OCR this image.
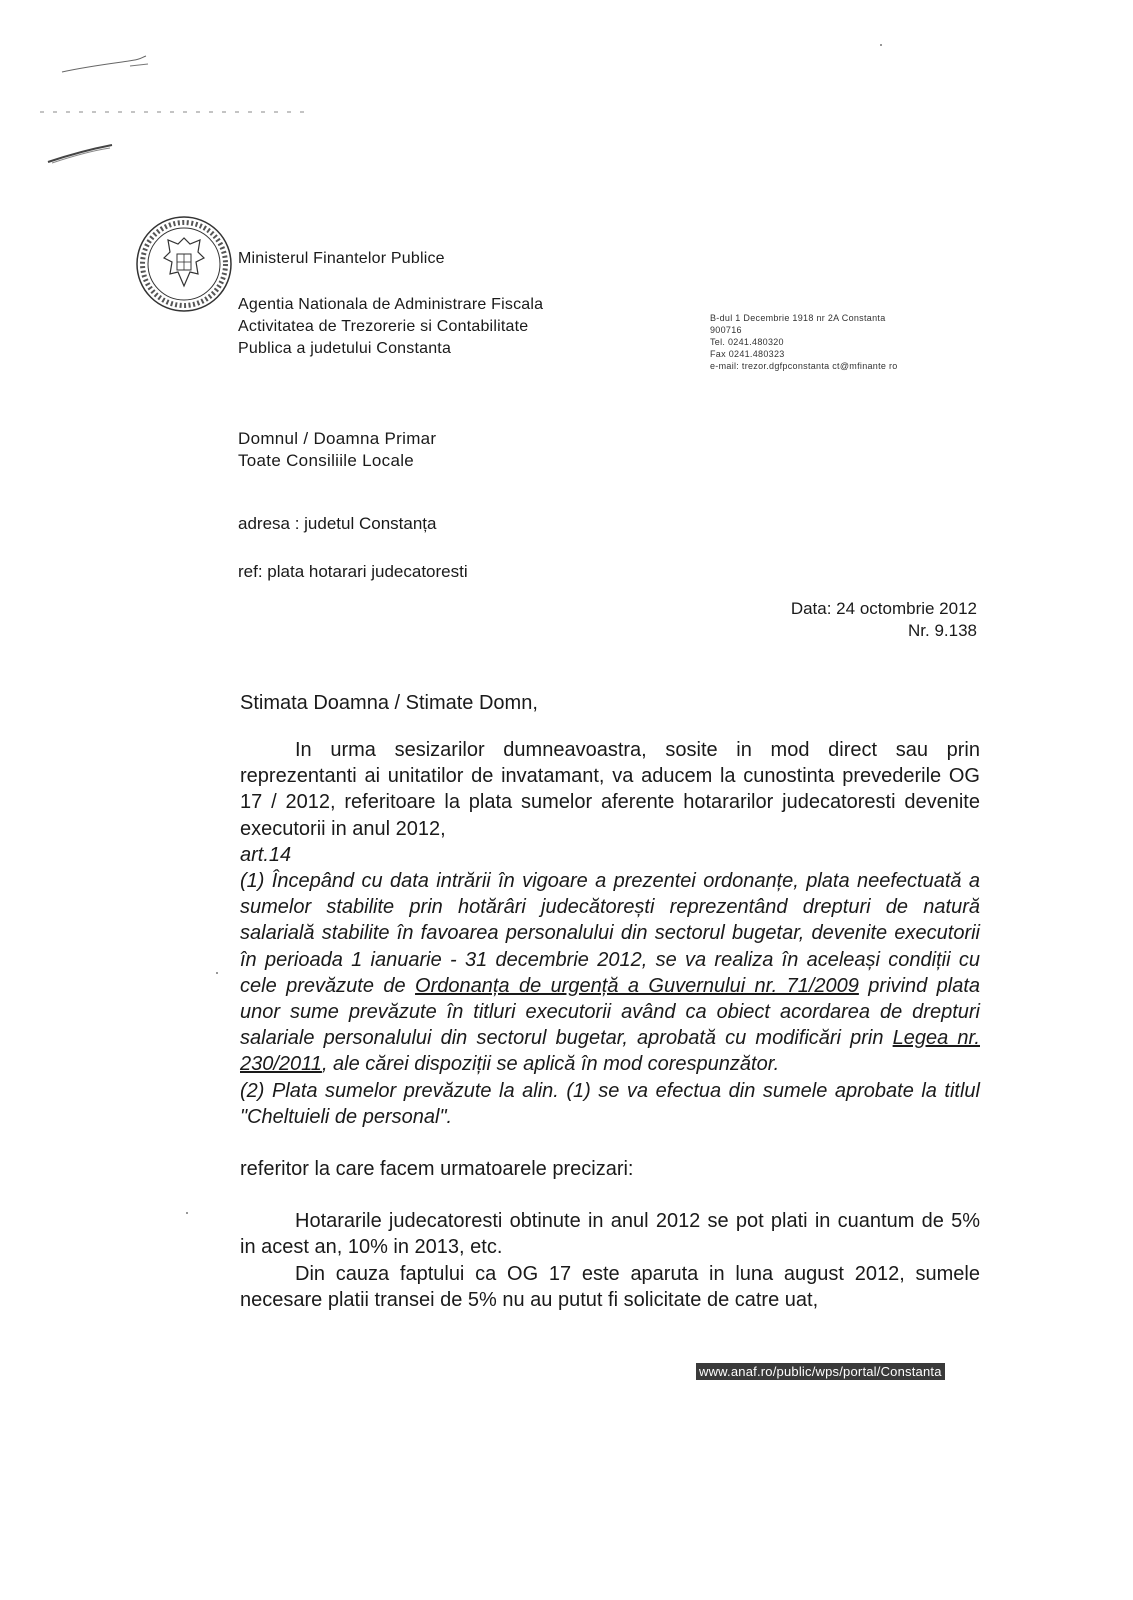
Ministerul Finantelor Publice
Agentia Nationala de Administrare Fiscala
Activitatea de Trezorerie si Contabilitate
Publica a judetului Constanta
B-dul 1 Decembrie 1918 nr 2A Constanta
900716
Tel. 0241.480320
Fax 0241.480323
e-mail: trezor.dgfpconstanta ct@mfinante ro
Domnul / Doamna Primar
Toate Consiliile Locale
adresa : judetul Constanța
ref: plata hotarari judecatoresti
Data: 24 octombrie 2012
Nr. 9.138
Stimata Doamna / Stimate Domn,

In urma sesizarilor dumneavoastra, sosite in mod direct sau prin reprezentanti ai unitatilor de invatamant, va aducem la cunostinta prevederile OG 17 / 2012, referitoare la plata sumelor aferente hotararilor judecatoresti devenite executorii in anul 2012,

art.14

(1) Începând cu data intrării în vigoare a prezentei ordonanțe, plata neefectuată a sumelor stabilite prin hotărâri judecătorești reprezentând drepturi de natură salarială stabilite în favoarea personalului din sectorul bugetar, devenite executorii în perioada 1 ianuarie - 31 decembrie 2012, se va realiza în aceleași condiții cu cele prevăzute de Ordonanța de urgență a Guvernului nr. 71/2009 privind plata unor sume prevăzute în titluri executorii având ca obiect acordarea de drepturi salariale personalului din sectorul bugetar, aprobată cu modificări prin Legea nr. 230/2011, ale cărei dispoziții se aplică în mod corespunzător.

(2) Plata sumelor prevăzute la alin. (1) se va efectua din sumele aprobate la titlul "Cheltuieli de personal".

referitor la care facem urmatoarele precizari:

Hotararile judecatoresti obtinute in anul 2012 se pot plati in cuantum de 5% in acest an, 10% in 2013, etc.

Din cauza faptului ca OG 17 este aparuta in luna august 2012, sumele necesare platii transei de 5% nu au putut fi solicitate de catre uat,

www.anaf.ro/public/wps/portal/Constanta
